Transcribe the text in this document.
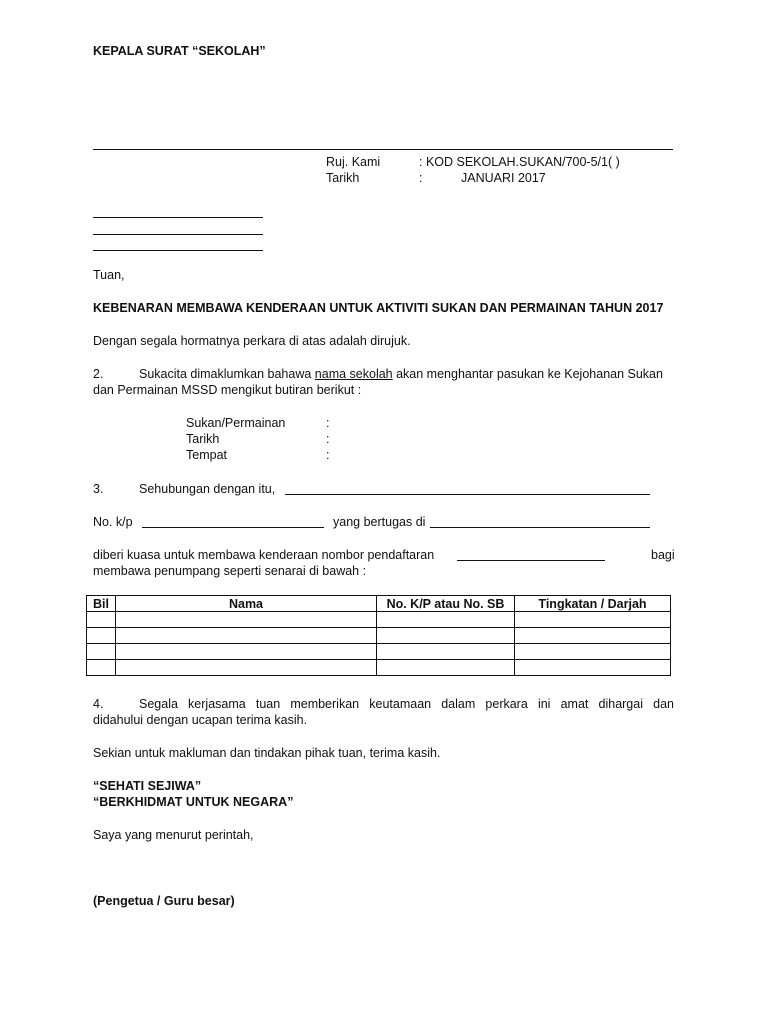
KEPALA SURAT “SEKOLAH”
Ruj. Kami	: KOD SEKOLAH.SUKAN/700-5/1( )
Tarikh	:	JANUARI 2017
Tuan,
KEBENARAN MEMBAWA KENDERAAN UNTUK AKTIVITI SUKAN DAN PERMAINAN TAHUN 2017
Dengan segala hormatnya perkara di atas adalah dirujuk.
2.	Sukacita dimaklumkan bahawa nama sekolah akan menghantar pasukan ke Kejohanan Sukan
dan Permainan MSSD mengikut butiran berikut :
Sukan/Permainan	:
Tarikh	:
Tempat	:
3.	Sehubungan dengan itu,
No. k/p	yang bertugas di
diberi kuasa untuk membawa kenderaan nombor pendaftaran	bagi
membawa penumpang seperti senarai di bawah :
Bil	Nama	No. K/P atau No. SB	Tingkatan / Darjah

4.	Segala kerjasama tuan memberikan keutamaan dalam perkara ini amat dihargai dan
didahului dengan ucapan terima kasih.
Sekian untuk makluman dan tindakan pihak tuan, terima kasih.
“SEHATI SEJIWA”
“BERKHIDMAT UNTUK NEGARA”
Saya yang menurut perintah,
(Pengetua / Guru besar)
